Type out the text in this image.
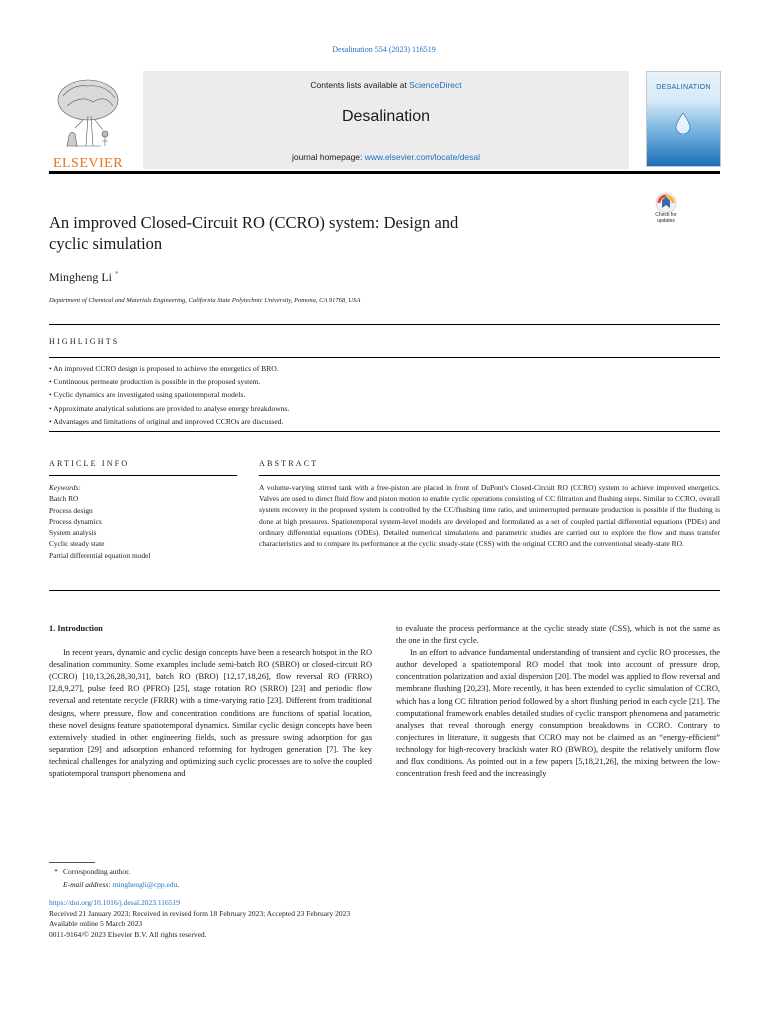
Desalination 554 (2023) 116519
ELSEVIER
Contents lists available at ScienceDirect
Desalination
journal homepage: www.elsevier.com/locate/desal
DESALINATION
An improved Closed-Circuit RO (CCRO) system: Design and
cyclic simulation
Check for
updates
Mingheng Li *
Department of Chemical and Materials Engineering, California State Polytechnic University, Pomona, CA 91768, USA
HIGHLIGHTS
• An improved CCRO design is proposed to achieve the energetics of BRO.
• Continuous permeate production is possible in the proposed system.
• Cyclic dynamics are investigated using spatiotemporal models.
• Approximate analytical solutions are provided to analyse energy breakdowns.
• Advantages and limitations of original and improved CCROs are discussed.
ARTICLE INFO	ABSTRACT
Keywords:
Batch RO
Process design
Process dynamics
System analysis
Cyclic steady state
Partial differential equation model
A volume-varying stirred tank with a free-piston are placed in front of DuPont's Closed-Circuit RO (CCRO) system to achieve improved energetics. Valves are used to direct fluid flow and piston motion to enable cyclic operations consisting of CC filtration and flushing steps. Similar to CCRO, overall system recovery in the proposed system is controlled by the CC/flushing time ratio, and uninterrupted permeate production is possible if the flushing is done at high pressures. Spatiotemporal system-level models are developed and formulated as a set of coupled partial differential equations (PDEs) and ordinary differential equations (ODEs). Detailed numerical simulations and parametric studies are carried out to explore the flow and mass transfer characteristics and to compare its performance at the cyclic steady-state (CSS) with the original CCRO and the conventional steady-state RO.
1. Introduction

In recent years, dynamic and cyclic design concepts have been a research hotspot in the RO desalination community. Some examples include semi-batch RO (SBRO) or closed-circuit RO (CCRO) [10,13,26,28,30,31], batch RO (BRO) [12,17,18,26], flow reversal RO (FRRO) [2,8,9,27], pulse feed RO (PFRO) [25], stage rotation RO (SRRO) [23] and periodic flow reversal and retentate recycle (FRRR) with a time-varying ratio [23]. Different from traditional designs, where pressure, flow and concentration conditions are functions of spatial location, these novel designs feature spatiotemporal dynamics. Similar cyclic design concepts have been extensively studied in other engineering fields, such as pressure swing adsorption for gas separation [29] and adsorption enhanced reforming for hydrogen generation [7]. The key technical challenges for analyzing and optimizing such cyclic processes are to solve the coupled spatiotemporal transport phenomena and

to evaluate the process performance at the cyclic steady state (CSS), which is not the same as the one in the first cycle.

In an effort to advance fundamental understanding of transient and cyclic RO processes, the author developed a spatiotemporal RO model that took into account of pressure drop, concentration polarization and axial dispersion [20]. The model was applied to flow reversal and membrane flushing [20,23]. More recently, it has been extended to cyclic simulation of CCRO, which has a long CC filtration period followed by a short flushing period in each cycle [21]. The computational framework enables detailed studies of cyclic transport phenomena and parametric analyses that reveal thorough energy consumption breakdowns in CCRO. Contrary to conjectures in literature, it suggests that CCRO may not be claimed as an “energy-efficient” technology for high-recovery brackish water RO (BWRO), despite the relatively uniform flow and flux conditions. As pointed out in a few papers [5,18,21,26], the mixing between the low-concentration fresh feed and the increasingly

* Corresponding author.
E-mail address: minghengli@cpp.edu.
https://doi.org/10.1016/j.desal.2023.116519
Received 21 January 2023; Received in revised form 18 February 2023; Accepted 23 February 2023
Available online 5 March 2023
0011-9164/© 2023 Elsevier B.V. All rights reserved.
